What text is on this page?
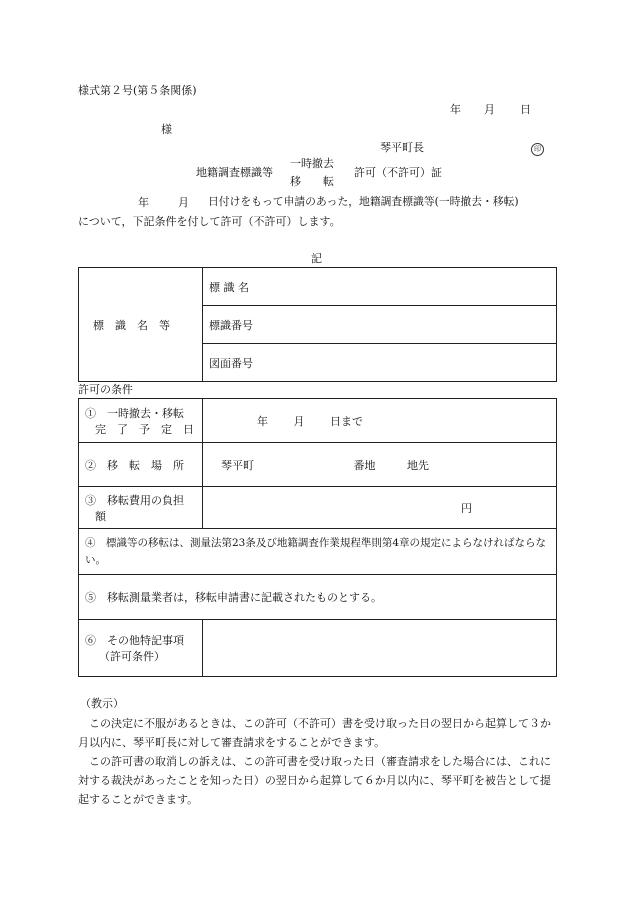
様式第２号(第５条関係)
年 月 日
様
琴平町長	印
地籍調査標識等
一時撤去
移　　転
許可（不許可）証
年	月 日付けをもって申請のあった，地籍調査標識等(一時撤去・移転)
について，下記条件を付して許可（不許可）します。
記
標　識　名　等
	標 識 名
標識番号
図面番号
許可の条件
①　一時撤去・移転
完　了　予　定　日	年 月 日まで
②　移　転　場　所	琴平町 番地 地先

③　移転費用の負担
額	円

④　標識等の移転は、測量法第23条及び地籍調査作業規程準則第4章の規定によらなければならない。	

⑤　移転測量業者は，移転申請書に記載されたものとする。	

⑥　その他特記事項
（許可条件）	

（教示）
この決定に不服があるときは、この許可（不許可）書を受け取った日の翌日から起算して３か月以内に、琴平町長に対して審査請求をすることができます。
この許可書の取消しの訴えは、この許可書を受け取った日（審査請求をした場合には、これに対する裁決があったことを知った日）の翌日から起算して６か月以内に、琴平町を被告として提起することができます。
